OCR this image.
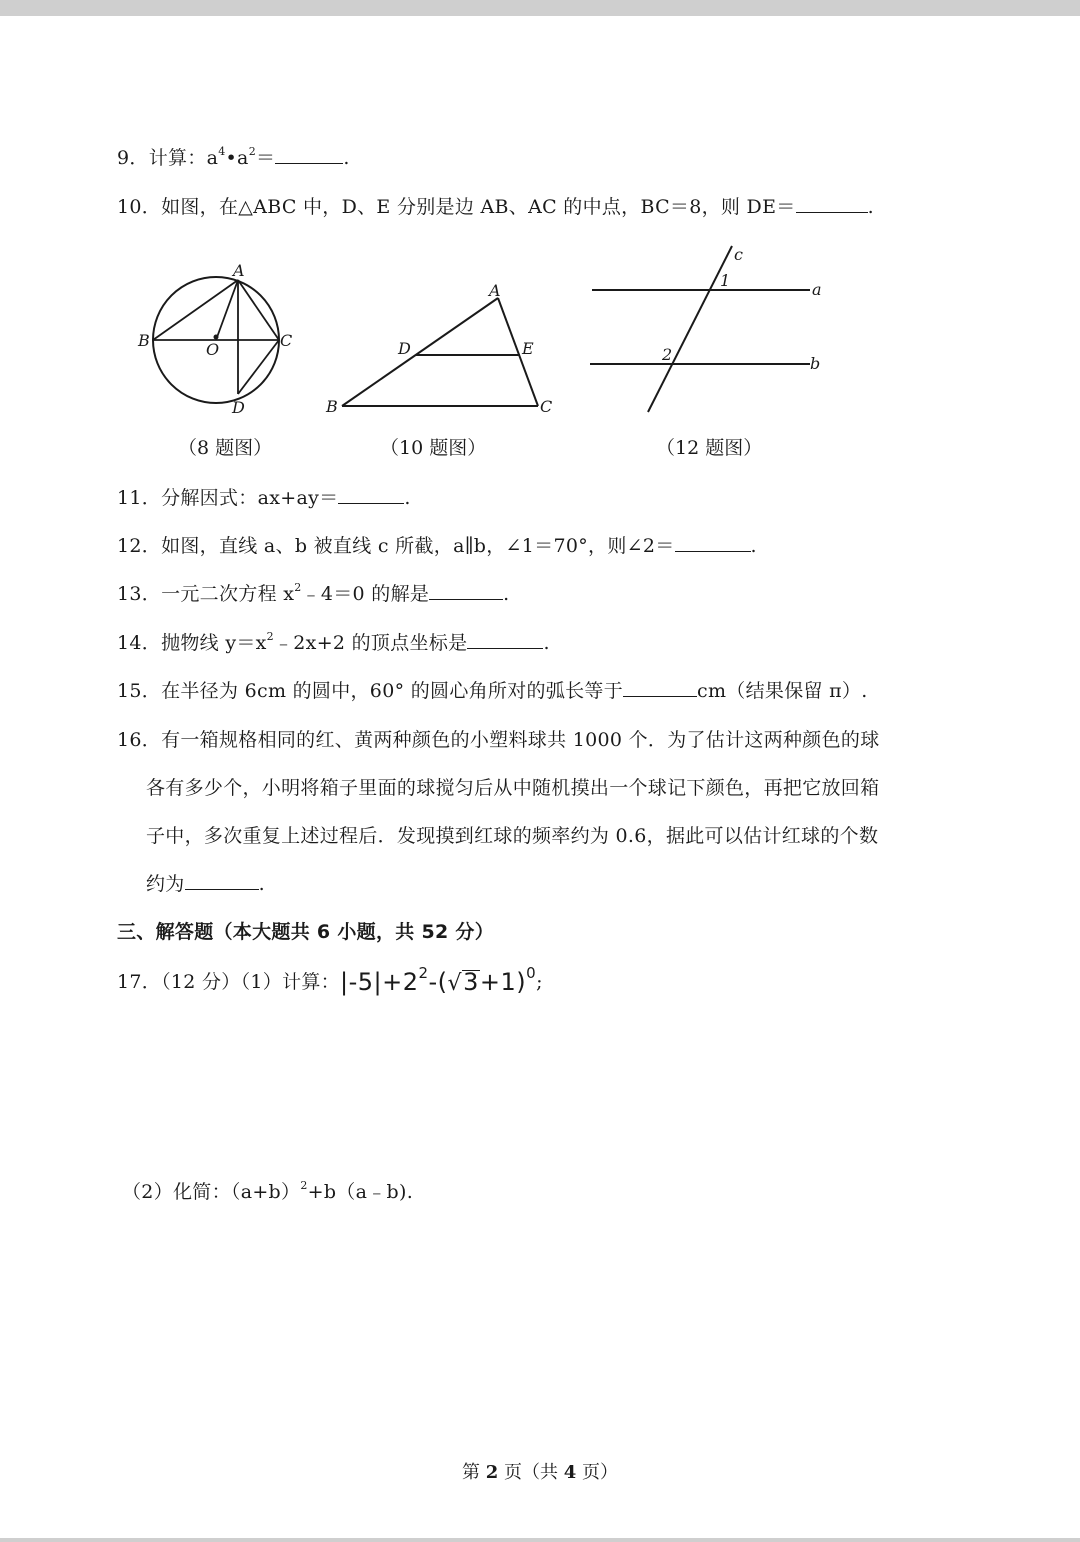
9．计算：$a^4•a^2=$	.
10．如图，在△ABC 中，D、E 分别是边 AB、AC 的中点，BC＝8，则 DE＝	.
A
B	O	C
D
（8 题图）
A
D	E
B	C
（10 题图）
c
1	a
2	b
（12 题图）
11．分解因式：ax+ay＝	.
12．如图，直线 a、b 被直线 c 所截，a∥b，∠1＝70°，则∠2＝	.
13．一元二次方程 $x^2﹣4=0$ 的解是	.
14．抛物线 $y=x^2﹣2x+2$ 的顶点坐标是	.
15．在半径为 6cm 的圆中，60° 的圆心角所对的弧长等于	cm（结果保留 π）.
16．有一箱规格相同的红、黄两种颜色的小塑料球共 1000 个．为了估计这两种颜色的球
各有多少个，小明将箱子里面的球搅匀后从中随机摸出一个球记下颜色，再把它放回箱
子中，多次重复上述过程后．发现摸到红球的频率约为 0.6，据此可以估计红球的个数
约为	.
三、解答题（本大题共 6 小题，共 52 分）
17．（12 分）（1）计算：$|-5|+2^2-(√3+1)^0$;
（2）化简：$(a+b)^2+b(a﹣b)$.
第 2 页（共 4 页）
